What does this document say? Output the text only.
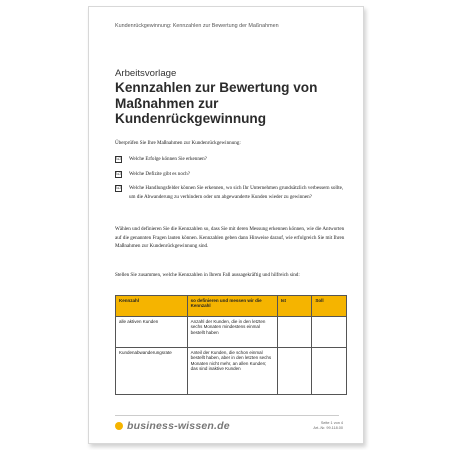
Kundenrückgewinnung: Kennzahlen zur Bewertung der Maßnahmen
Arbeitsvorlage
Kennzahlen zur Bewertung von Maßnahmen zur Kundenrückgewinnung
Überprüfen Sie Ihre Maßnahmen zur Kundenrückgewinnung:
☑ Welche Erfolge können Sie erkennen?
☑ Welche Defizite gibt es noch?
☑ Welche Handlungsfelder können Sie erkennen, wo sich Ihr Unternehmen grundsätzlich verbessern sollte, um die Abwanderung zu verhindern oder um abgewanderte Kunden wieder zu gewinnen?
Wählen und definieren Sie die Kennzahlen so, dass Sie mit deren Messung erkennen können, wie die Antworten auf die genannten Fragen lauten können. Kennzahlen geben dann Hinweise darauf, wie erfolgreich Sie mit Ihren Maßnahmen zur Kundenrückgewinnung sind.
Stellen Sie zusammen, welche Kennzahlen in Ihrem Fall aussagekräftig und hilfreich sind:
Kennzahl	so definieren und messen wir die Kennzahl	Ist	Soll
alle aktiven Kunden	Anzahl der Kunden, die in den letzten sechs Monaten mindestens einmal bestellt haben		
Kundenabwanderungsrate	Anteil der Kunden, die schon einmal bestellt haben, aber in den letzten sechs Monaten nicht mehr, an allen Kunden; das sind inaktive Kunden		
business-wissen.de	Seite 1 von 4
Art.-Nr. 99.118.00
